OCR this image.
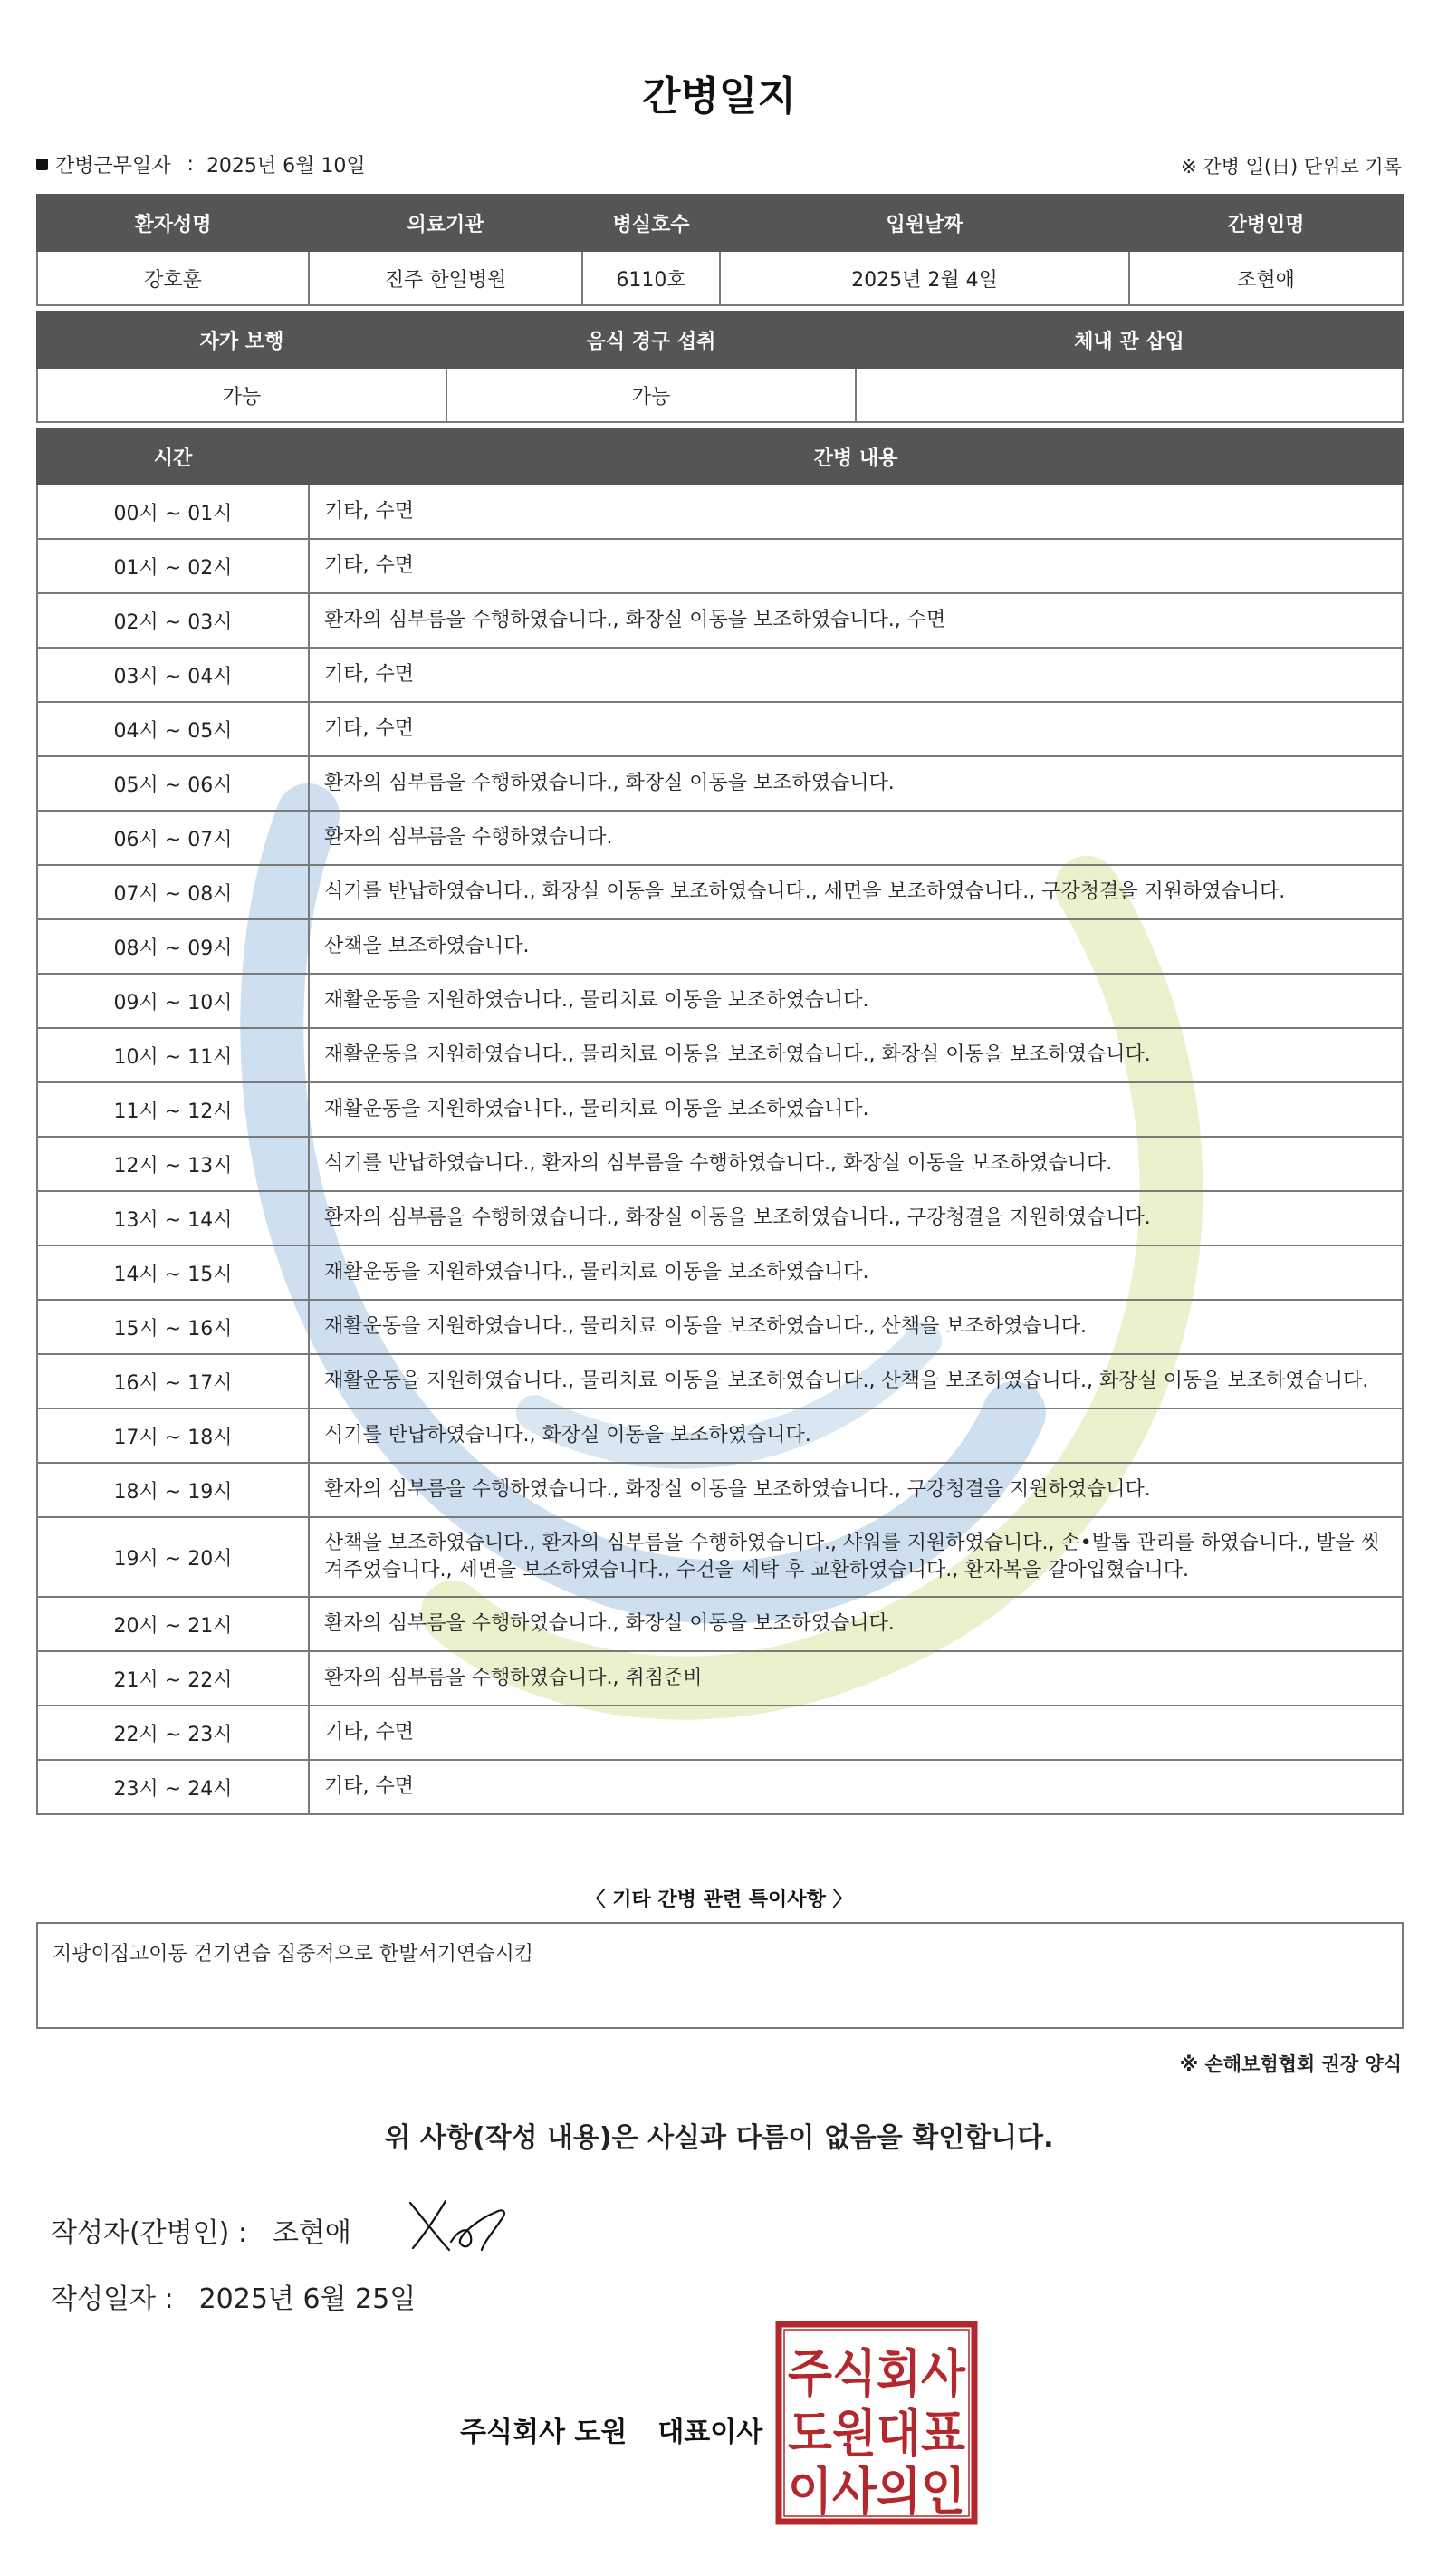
간병일지
간병근무일자 : 2025년 6월 10일	※ 간병 일(日) 단위로 기록
환자성명	의료기관	병실호수	입원날짜	간병인명
강호훈	진주 한일병원	6110호	2025년 2월 4일	조현애
자가 보행	음식 경구 섭취	체내 관 삽입
가능	가능	
시간	간병 내용
00시 ~ 01시	기타, 수면
01시 ~ 02시	기타, 수면
02시 ~ 03시	환자의 심부름을 수행하였습니다., 화장실 이동을 보조하였습니다., 수면
03시 ~ 04시	기타, 수면
04시 ~ 05시	기타, 수면
05시 ~ 06시	환자의 심부름을 수행하였습니다., 화장실 이동을 보조하였습니다.
06시 ~ 07시	환자의 심부름을 수행하였습니다.
07시 ~ 08시	식기를 반납하였습니다., 화장실 이동을 보조하였습니다., 세면을 보조하였습니다., 구강청결을 지원하였습니다.
08시 ~ 09시	산책을 보조하였습니다.
09시 ~ 10시	재활운동을 지원하였습니다., 물리치료 이동을 보조하였습니다.
10시 ~ 11시	재활운동을 지원하였습니다., 물리치료 이동을 보조하였습니다., 화장실 이동을 보조하였습니다.
11시 ~ 12시	재활운동을 지원하였습니다., 물리치료 이동을 보조하였습니다.
12시 ~ 13시	식기를 반납하였습니다., 환자의 심부름을 수행하였습니다., 화장실 이동을 보조하였습니다.
13시 ~ 14시	환자의 심부름을 수행하였습니다., 화장실 이동을 보조하였습니다., 구강청결을 지원하였습니다.
14시 ~ 15시	재활운동을 지원하였습니다., 물리치료 이동을 보조하였습니다.
15시 ~ 16시	재활운동을 지원하였습니다., 물리치료 이동을 보조하였습니다., 산책을 보조하였습니다.
16시 ~ 17시	재활운동을 지원하였습니다., 물리치료 이동을 보조하였습니다., 산책을 보조하였습니다., 화장실 이동을 보조하였습니다.
17시 ~ 18시	식기를 반납하였습니다., 화장실 이동을 보조하였습니다.
18시 ~ 19시	환자의 심부름을 수행하였습니다., 화장실 이동을 보조하였습니다., 구강청결을 지원하였습니다.
19시 ~ 20시	산책을 보조하였습니다., 환자의 심부름을 수행하였습니다., 샤워를 지원하였습니다., 손•발톱 관리를 하였습니다., 발을 씻겨주었습니다., 세면을 보조하였습니다., 수건을 세탁 후 교환하였습니다., 환자복을 갈아입혔습니다.
20시 ~ 21시	환자의 심부름을 수행하였습니다., 화장실 이동을 보조하였습니다.
21시 ~ 22시	환자의 심부름을 수행하였습니다., 취침준비
22시 ~ 23시	기타, 수면
23시 ~ 24시	기타, 수면
〈 기타 간병 관련 특이사항 〉
지팡이집고이동 걷기연습 집중적으로 한발서기연습시킴
※ 손해보험협회 권장 양식
위 사항(작성 내용)은 사실과 다름이 없음을 확인합니다.
작성자(간병인) : 조현애
작성일자 : 2025년 6월 25일
주식회사 도원 대표이사
주식회사
도원대표
이사의인
